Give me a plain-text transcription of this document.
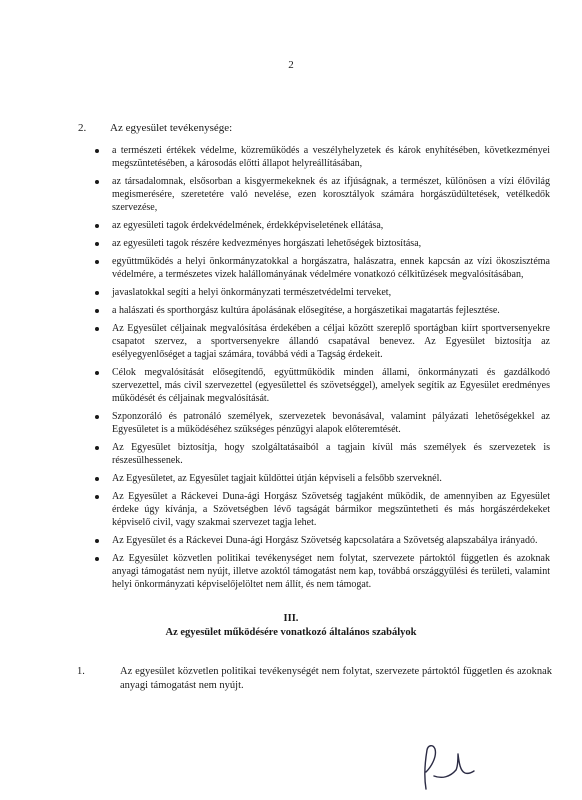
2
2. Az egyesület tevékenysége:
a természeti értékek védelme, közreműködés a veszélyhelyzetek és károk enyhítésében, következményei megszüntetésében, a károsodás előtti állapot helyreállításában,
az társadalomnak, elsősorban a kisgyermekeknek és az ifjúságnak, a természet, különösen a vízi élővilág megismerésére, szeretetére való nevelése, ezen korosztályok számára horgászüdültetések, vetélkedők szervezése,
az egyesületi tagok érdekvédelmének, érdekképviseletének ellátása,
az egyesületi tagok részére kedvezményes horgászati lehetőségek biztosítása,
együttműködés a helyi önkormányzatokkal a horgászatra, halászatra, ennek kapcsán az vízi ökoszisztéma védelmére, a természetes vizek halállományának védelmére vonatkozó célkitűzések megvalósításában,
javaslatokkal segíti a helyi önkormányzati természetvédelmi terveket,
a halászati és sporthorgász kultúra ápolásának elősegítése, a horgászetikai magatartás fejlesztése.
Az Egyesület céljainak megvalósítása érdekében a céljai között szereplő sportágban kiírt sportversenyekre csapatot szervez, a sportversenyekre állandó csapatával benevez. Az Egyesület biztosítja az esélyegyenlőséget a tagjai számára, továbbá védi a Tagság érdekeit.
Célok megvalósítását elősegítendő, együttműködik minden állami, önkormányzati és gazdálkodó szervezettel, más civil szervezettel (egyesülettel és szövetséggel), amelyek segítik az Egyesület eredményes működését és céljainak megvalósítását.
Szponzoráló és patronáló személyek, szervezetek bevonásával, valamint pályázati lehetőségekkel az Egyesületet is a működéséhez szükséges pénzügyi alapok előteremtését.
Az Egyesület biztosítja, hogy szolgáltatásaiból a tagjain kívül más személyek és szervezetek is részesülhessenek.
Az Egyesületet, az Egyesület tagjait küldöttei útján képviseli a felsőbb szerveknél.
Az Egyesület a Ráckevei Duna-ági Horgász Szövetség tagjaként működik, de amennyiben az Egyesület érdeke úgy kívánja, a Szövetségben lévő tagságát bármikor megszüntetheti és más horgászérdekeket képviselő civil, vagy szakmai szervezet tagja lehet.
Az Egyesület és a Ráckevei Duna-ági Horgász Szövetség kapcsolatára a Szövetség alapszabálya irányadó.
Az Egyesület közvetlen politikai tevékenységet nem folytat, szervezete pártoktól független és azoknak anyagi támogatást nem nyújt, illetve azoktól támogatást nem kap, továbbá országgyűlési és területi, valamint helyi önkormányzati képviselőjelöltet nem állít, és nem támogat.
III.
Az egyesület működésére vonatkozó általános szabályok
1.	Az egyesület közvetlen politikai tevékenységét nem folytat, szervezete pártoktól független és azoknak anyagi támogatást nem nyújt.
